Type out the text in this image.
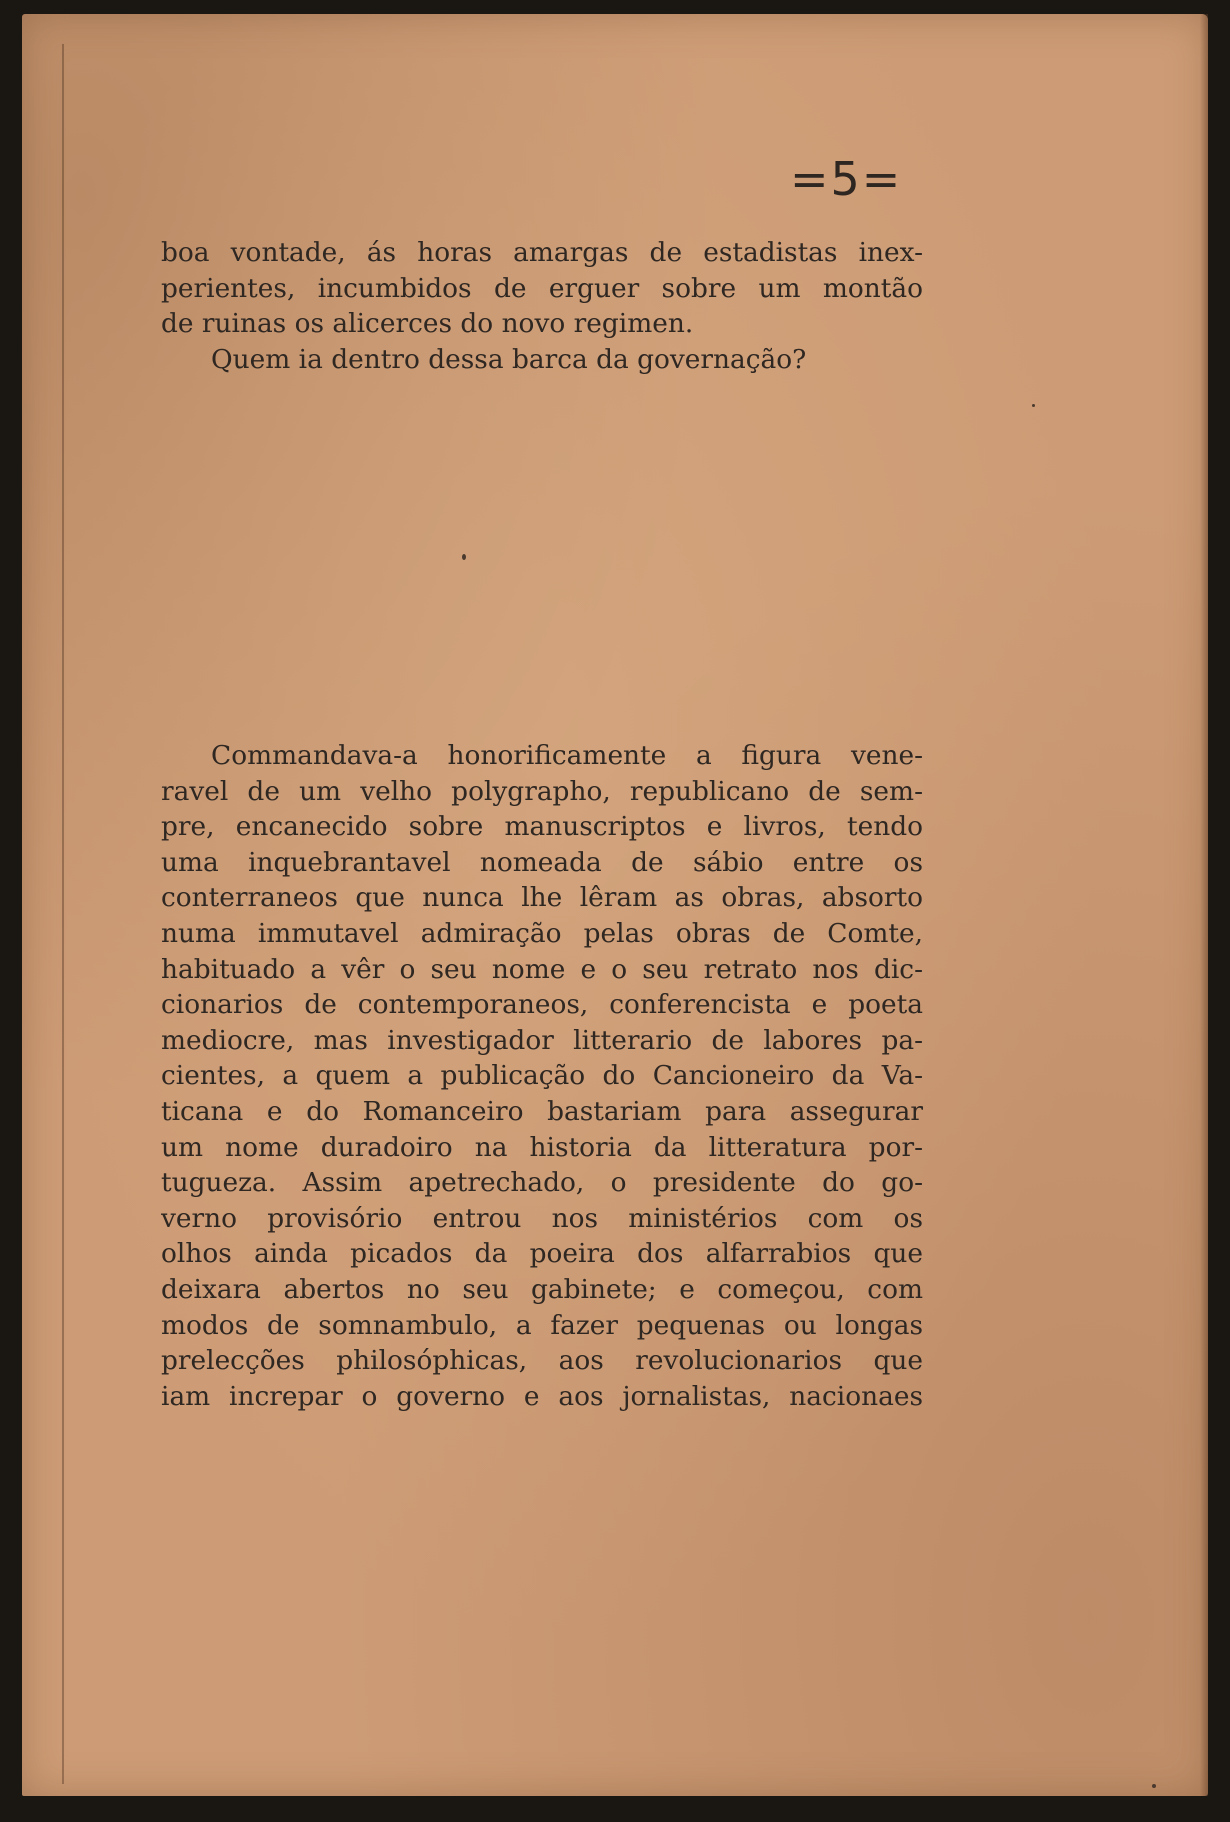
=5=
boa vontade, ás horas amargas de estadistas inex-
perientes, incumbidos de erguer sobre um montão
de ruinas os alicerces do novo regimen.
Quem ia dentro dessa barca da governação?
Commandava-a honorificamente a figura vene-
ravel de um velho polygrapho, republicano de sem-
pre, encanecido sobre manuscriptos e livros, tendo
uma inquebrantavel nomeada de sábio entre os
conterraneos que nunca lhe lêram as obras, absorto
numa immutavel admiração pelas obras de Comte,
habituado a vêr o seu nome e o seu retrato nos dic-
cionarios de contemporaneos, conferencista e poeta
mediocre, mas investigador litterario de labores pa-
cientes, a quem a publicação do Cancioneiro da Va-
ticana e do Romanceiro bastariam para assegurar
um nome duradoiro na historia da litteratura por-
tugueza. Assim apetrechado, o presidente do go-
verno provisório entrou nos ministérios com os
olhos ainda picados da poeira dos alfarrabios que
deixara abertos no seu gabinete; e começou, com
modos de somnambulo, a fazer pequenas ou longas
prelecções philosóphicas, aos revolucionarios que
iam increpar o governo e aos jornalistas, nacionaes
